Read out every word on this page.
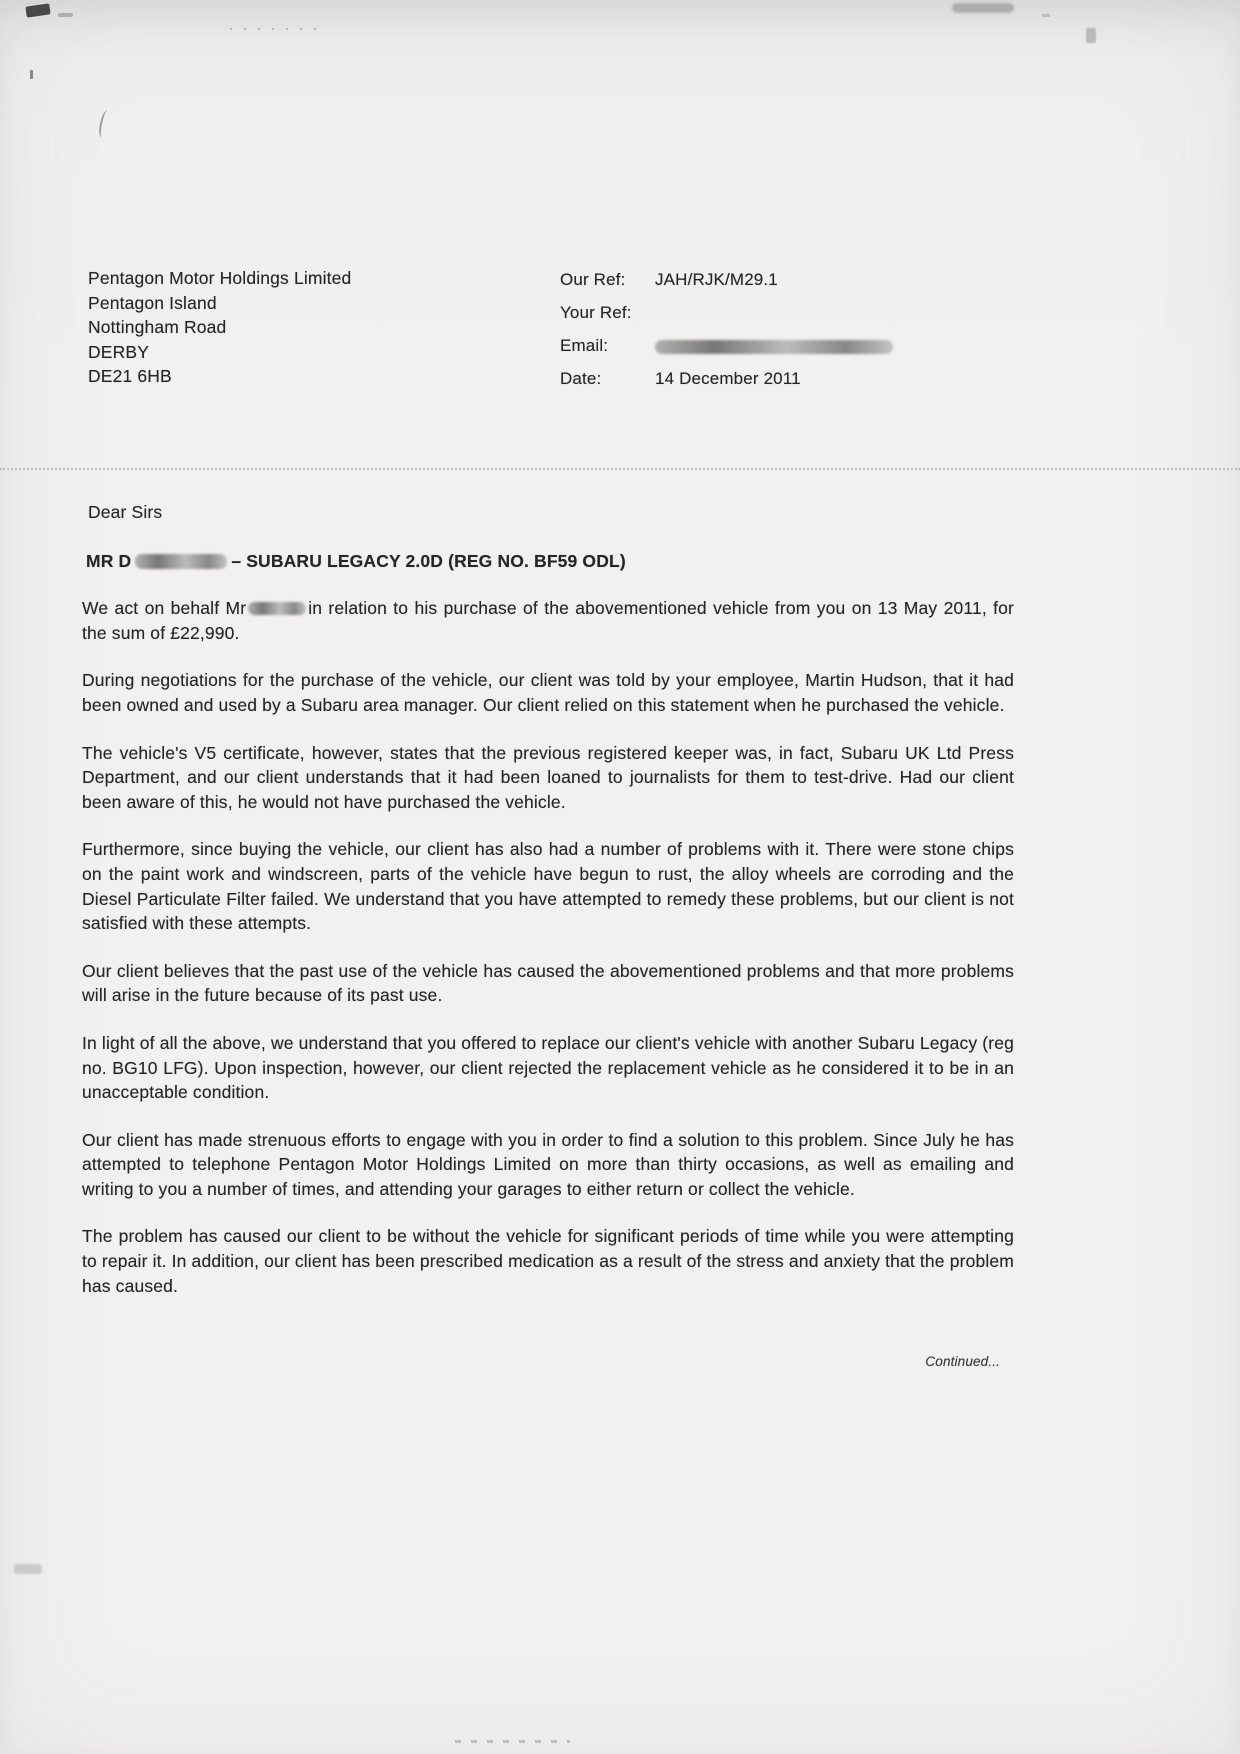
Pentagon Motor Holdings Limited
Pentagon Island
Nottingham Road
DERBY
DE21 6HB
Our Ref:	JAH/RJK/M29.1
Your Ref:
Email:
Date:	14 December 2011

Dear Sirs

MR D	– SUBARU LEGACY 2.0D (REG NO. BF59 ODL)

We act on behalf Mr	in relation to his purchase of the abovementioned vehicle from you on 13 May 2011, for the sum of £22,990.

During negotiations for the purchase of the vehicle, our client was told by your employee, Martin Hudson, that it had been owned and used by a Subaru area manager. Our client relied on this statement when he purchased the vehicle.

The vehicle's V5 certificate, however, states that the previous registered keeper was, in fact, Subaru UK Ltd Press Department, and our client understands that it had been loaned to journalists for them to test-drive. Had our client been aware of this, he would not have purchased the vehicle.

Furthermore, since buying the vehicle, our client has also had a number of problems with it. There were stone chips on the paint work and windscreen, parts of the vehicle have begun to rust, the alloy wheels are corroding and the Diesel Particulate Filter failed. We understand that you have attempted to remedy these problems, but our client is not satisfied with these attempts.

Our client believes that the past use of the vehicle has caused the abovementioned problems and that more problems will arise in the future because of its past use.

In light of all the above, we understand that you offered to replace our client's vehicle with another Subaru Legacy (reg no. BG10 LFG). Upon inspection, however, our client rejected the replacement vehicle as he considered it to be in an unacceptable condition.

Our client has made strenuous efforts to engage with you in order to find a solution to this problem. Since July he has attempted to telephone Pentagon Motor Holdings Limited on more than thirty occasions, as well as emailing and writing to you a number of times, and attending your garages to either return or collect the vehicle.

The problem has caused our client to be without the vehicle for significant periods of time while you were attempting to repair it. In addition, our client has been prescribed medication as a result of the stress and anxiety that the problem has caused.

Continued...
